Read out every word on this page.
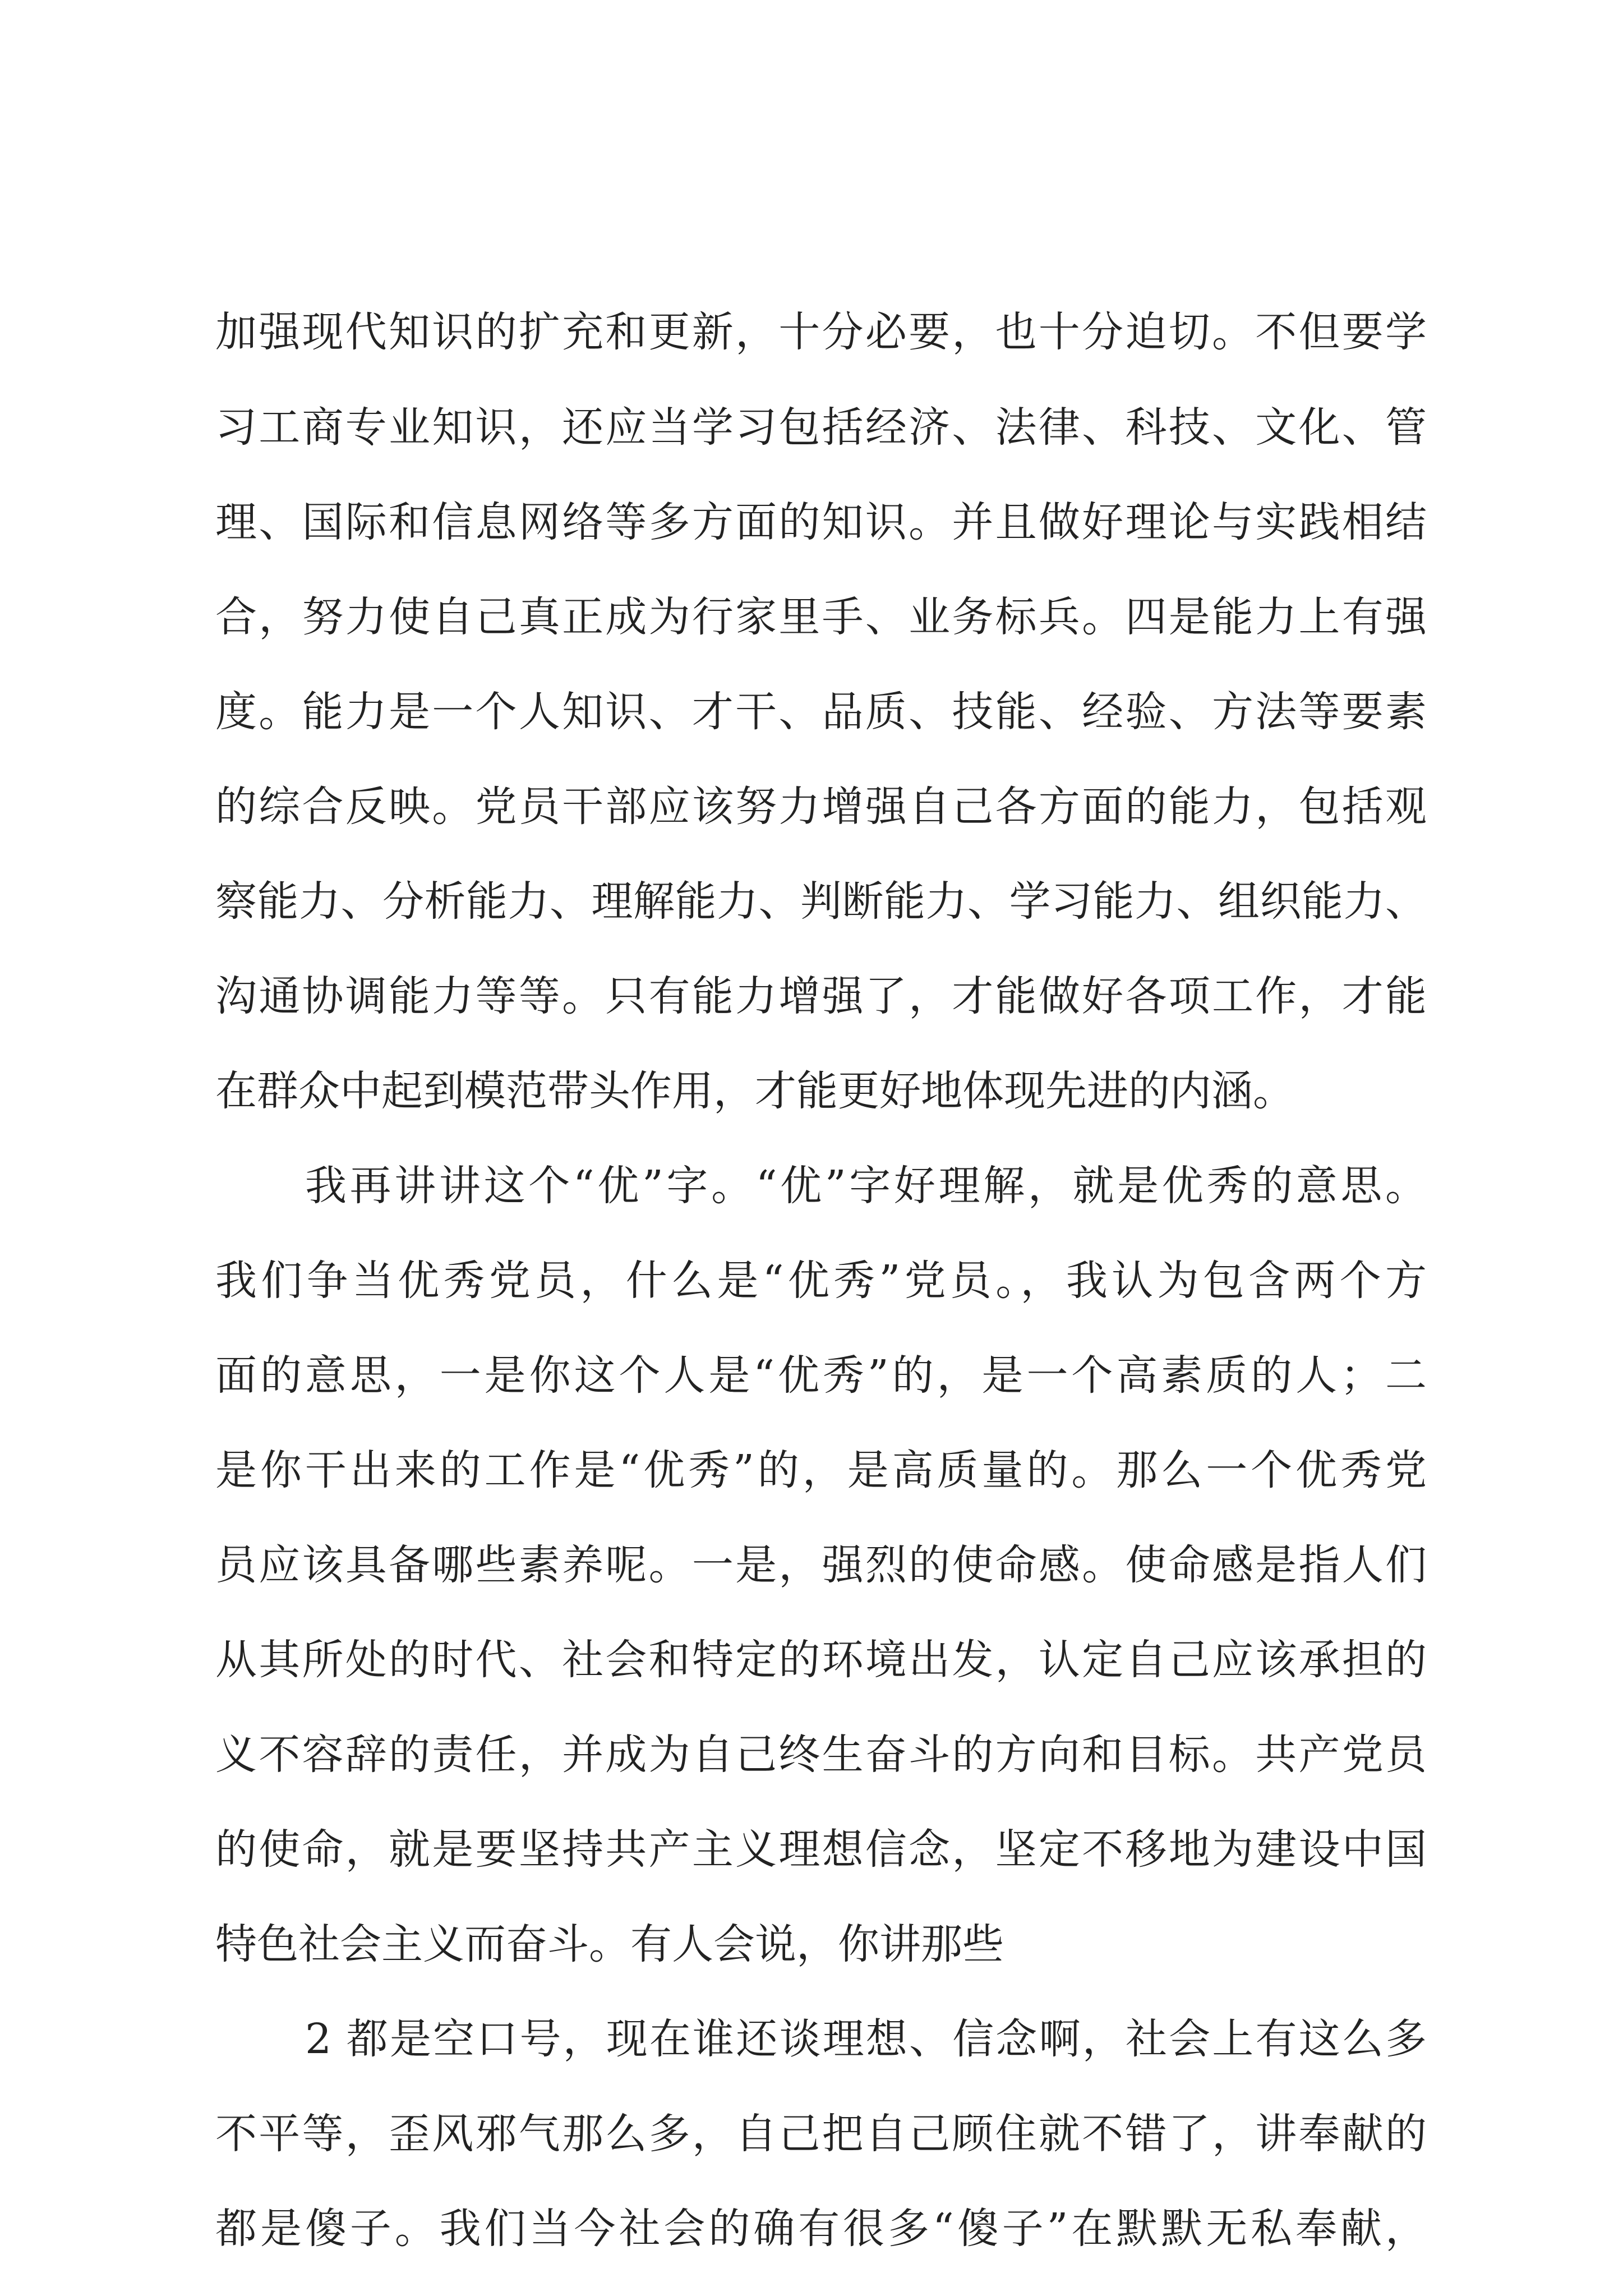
加强现代知识的扩充和更新，十分必要，也十分迫切。不但要学
习工商专业知识，还应当学习包括经济、法律、科技、文化、管
理、国际和信息网络等多方面的知识。并且做好理论与实践相结
合，努力使自己真正成为行家里手、业务标兵。四是能力上有强
度。能力是一个人知识、才干、品质、技能、经验、方法等要素
的综合反映。党员干部应该努力增强自己各方面的能力，包括观
察能力、分析能力、理解能力、判断能力、学习能力、组织能力、
沟通协调能力等等。只有能力增强了，才能做好各项工作，才能
在群众中起到模范带头作用，才能更好地体现先进的内涵。
我再讲讲这个“优”字。“优”字好理解，就是优秀的意思。
我们争当优秀党员，什么是“优秀”党员。，我认为包含两个方
面的意思，一是你这个人是“优秀”的，是一个高素质的人；二
是你干出来的工作是“优秀”的，是高质量的。那么一个优秀党
员应该具备哪些素养呢。一是，强烈的使命感。使命感是指人们
从其所处的时代、社会和特定的环境出发，认定自己应该承担的
义不容辞的责任，并成为自己终生奋斗的方向和目标。共产党员
的使命，就是要坚持共产主义理想信念，坚定不移地为建设中国
特色社会主义而奋斗。有人会说，你讲那些
2 都是空口号，现在谁还谈理想、信念啊，社会上有这么多
不平等，歪风邪气那么多，自己把自己顾住就不错了，讲奉献的
都是傻子。我们当今社会的确有很多“傻子”在默默无私奉献，
